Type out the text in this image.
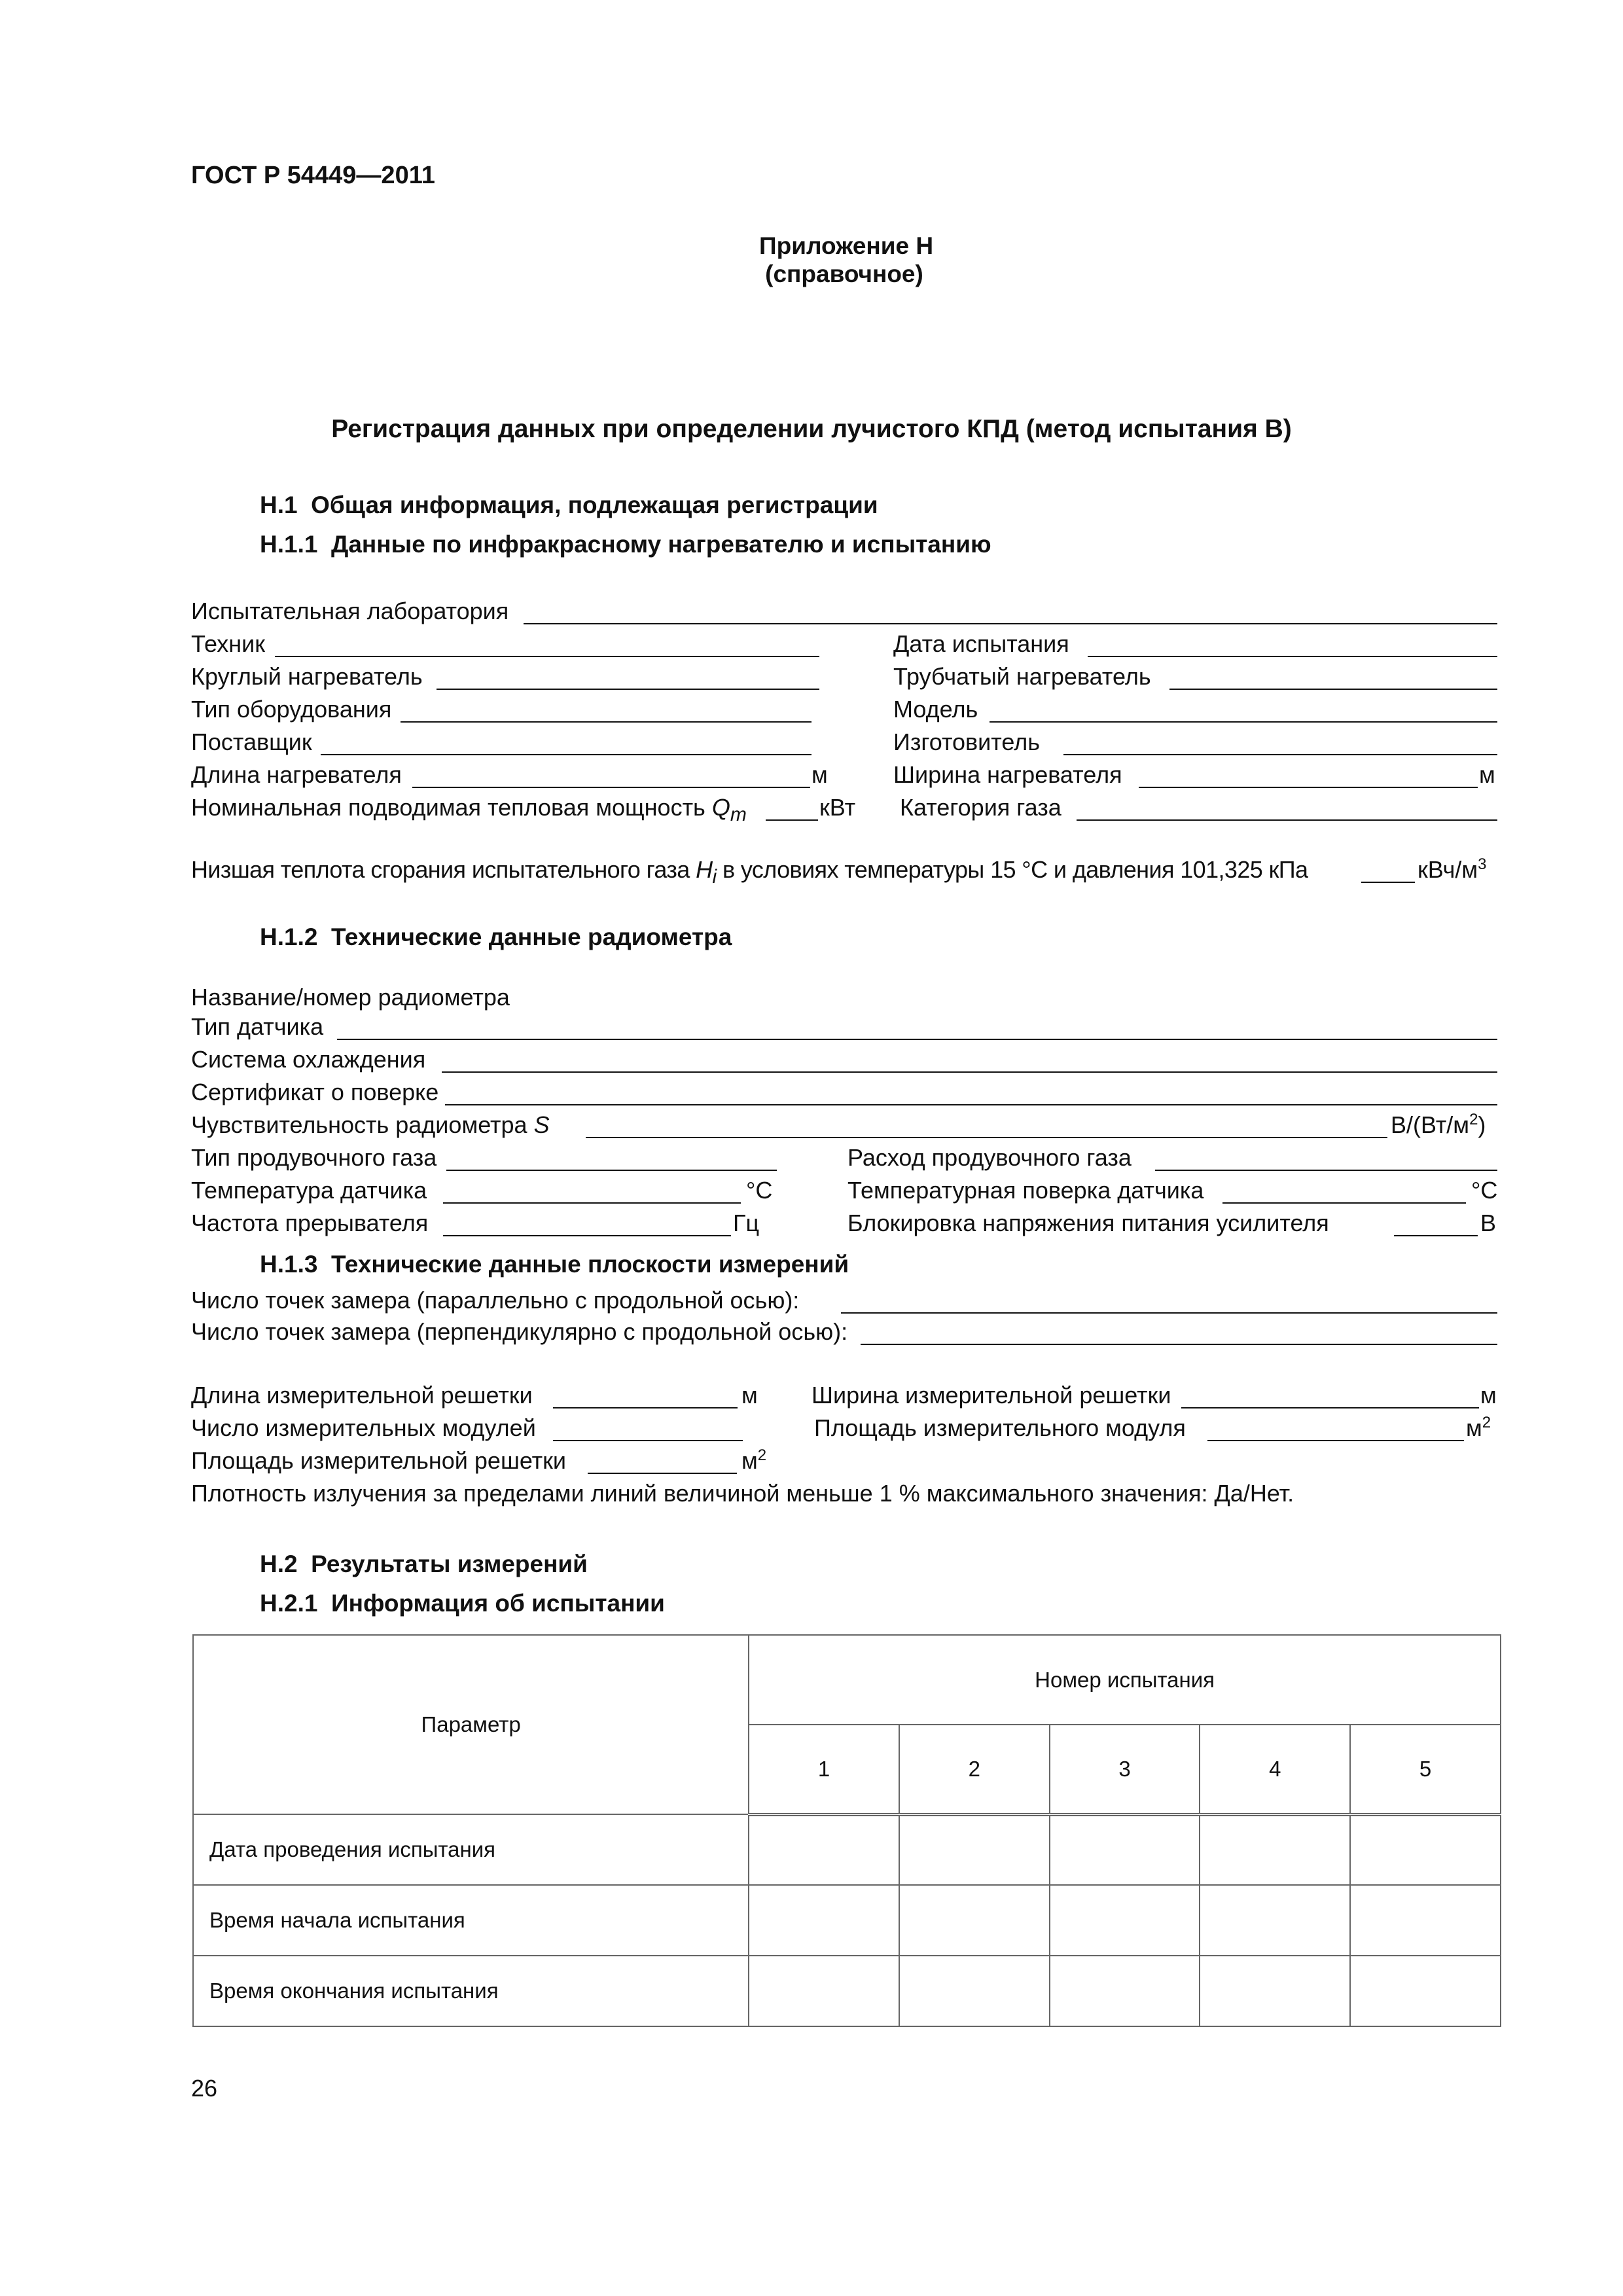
ГОСТ Р 54449—2011
Приложение Н
(справочное)
Регистрация данных при определении лучистого КПД (метод испытания В)
Н.1 Общая информация, подлежащая регистрации
Н.1.1 Данные по инфракрасному нагревателю и испытанию
Испытательная лаборатория
Техник	Дата испытания
Круглый нагреватель	Трубчатый нагреватель
Тип оборудования	Модель
Поставщик	Изготовитель
Длина нагревателя	м	Ширина нагревателя	м
Номинальная подводимая тепловая мощность $Q_m$	кВт Категория газа
Низшая теплота сгорания испытательного газа $H_i$ в условиях температуры 15 °С и давления 101,325 кПа	кВч/$м^3$
Н.1.2 Технические данные радиометра
Название/номер радиометра
Тип датчика
Система охлаждения
Сертификат о поверке
Чувствительность радиометра S	$В/(Вт/м^2)$
Тип продувочного газа	Расход продувочного газа
Температура датчика	°С	Температурная поверка датчика	°С
Частота прерывателя	Гц	Блокировка напряжения питания усилителя	В
Н.1.3 Технические данные плоскости измерений
Число точек замера (параллельно с продольной осью):
Число точек замера (перпендикулярно с продольной осью):
Длина измерительной решетки	м Ширина измерительной решетки	м
Число измерительных модулей	Площадь измерительного модуля	$м^2$
Площадь измерительной решетки	$м^2$
Плотность излучения за пределами линий величиной меньше 1 % максимального значения: Да/Нет.
Н.2 Результаты измерений
Н.2.1 Информация об испытании
Параметр	Номер испытания				
	1	2	3	4	5
Дата проведения испытания					
Время начала испытания					
Время окончания испытания					
26
